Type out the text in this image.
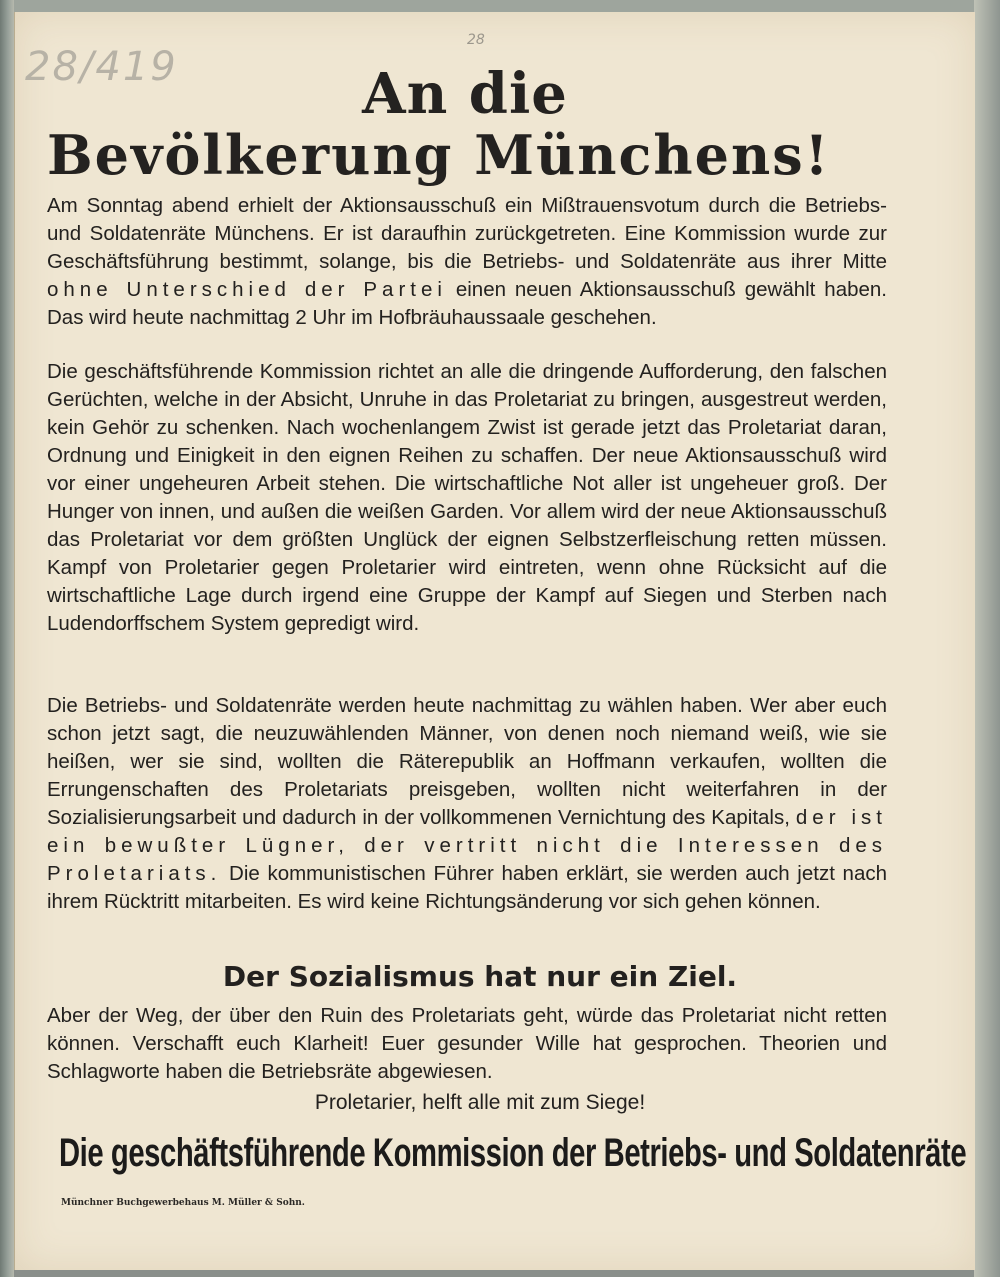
28/419
28
An die
Bevölkerung Münchens!
Am Sonntag abend erhielt der Aktionsausschuß ein Mißtrauensvotum durch die Betriebs- und Soldatenräte Münchens. Er ist daraufhin zurückgetreten. Eine Kommission wurde zur Geschäftsführung bestimmt, solange, bis die Betriebs- und Soldatenräte aus ihrer Mitte ohne Unterschied der Partei einen neuen Aktionsausschuß gewählt haben. Das wird heute nachmittag 2 Uhr im Hofbräuhaussaale geschehen.
Die geschäftsführende Kommission richtet an alle die dringende Aufforderung, den falschen Gerüchten, welche in der Absicht, Unruhe in das Proletariat zu bringen, ausgestreut werden, kein Gehör zu schenken. Nach wochenlangem Zwist ist gerade jetzt das Proletariat daran, Ordnung und Einigkeit in den eignen Reihen zu schaffen. Der neue Aktionsausschuß wird vor einer ungeheuren Arbeit stehen. Die wirtschaftliche Not aller ist ungeheuer groß. Der Hunger von innen, und außen die weißen Garden. Vor allem wird der neue Aktionsausschuß das Proletariat vor dem größten Unglück der eignen Selbstzerfleischung retten müssen. Kampf von Proletarier gegen Proletarier wird eintreten, wenn ohne Rücksicht auf die wirtschaftliche Lage durch irgend eine Gruppe der Kampf auf Siegen und Sterben nach Ludendorffschem System gepredigt wird.
Die Betriebs- und Soldatenräte werden heute nachmittag zu wählen haben. Wer aber euch schon jetzt sagt, die neuzuwählenden Männer, von denen noch niemand weiß, wie sie heißen, wer sie sind, wollten die Räterepublik an Hoffmann verkaufen, wollten die Errungenschaften des Proletariats preisgeben, wollten nicht weiterfahren in der Sozialisierungsarbeit und dadurch in der vollkommenen Vernichtung des Kapitals, der ist ein bewußter Lügner, der vertritt nicht die Interessen des Proletariats. Die kommunistischen Führer haben erklärt, sie werden auch jetzt nach ihrem Rücktritt mitarbeiten. Es wird keine Richtungsänderung vor sich gehen können.
Der Sozialismus hat nur ein Ziel.
Aber der Weg, der über den Ruin des Proletariats geht, würde das Proletariat nicht retten können. Verschafft euch Klarheit! Euer gesunder Wille hat gesprochen. Theorien und Schlagworte haben die Betriebsräte abgewiesen.
Proletarier, helft alle mit zum Siege!
Die geschäftsführende Kommission der Betriebs- und Soldatenräte
Münchner Buchgewerbehaus M. Müller & Sohn.
